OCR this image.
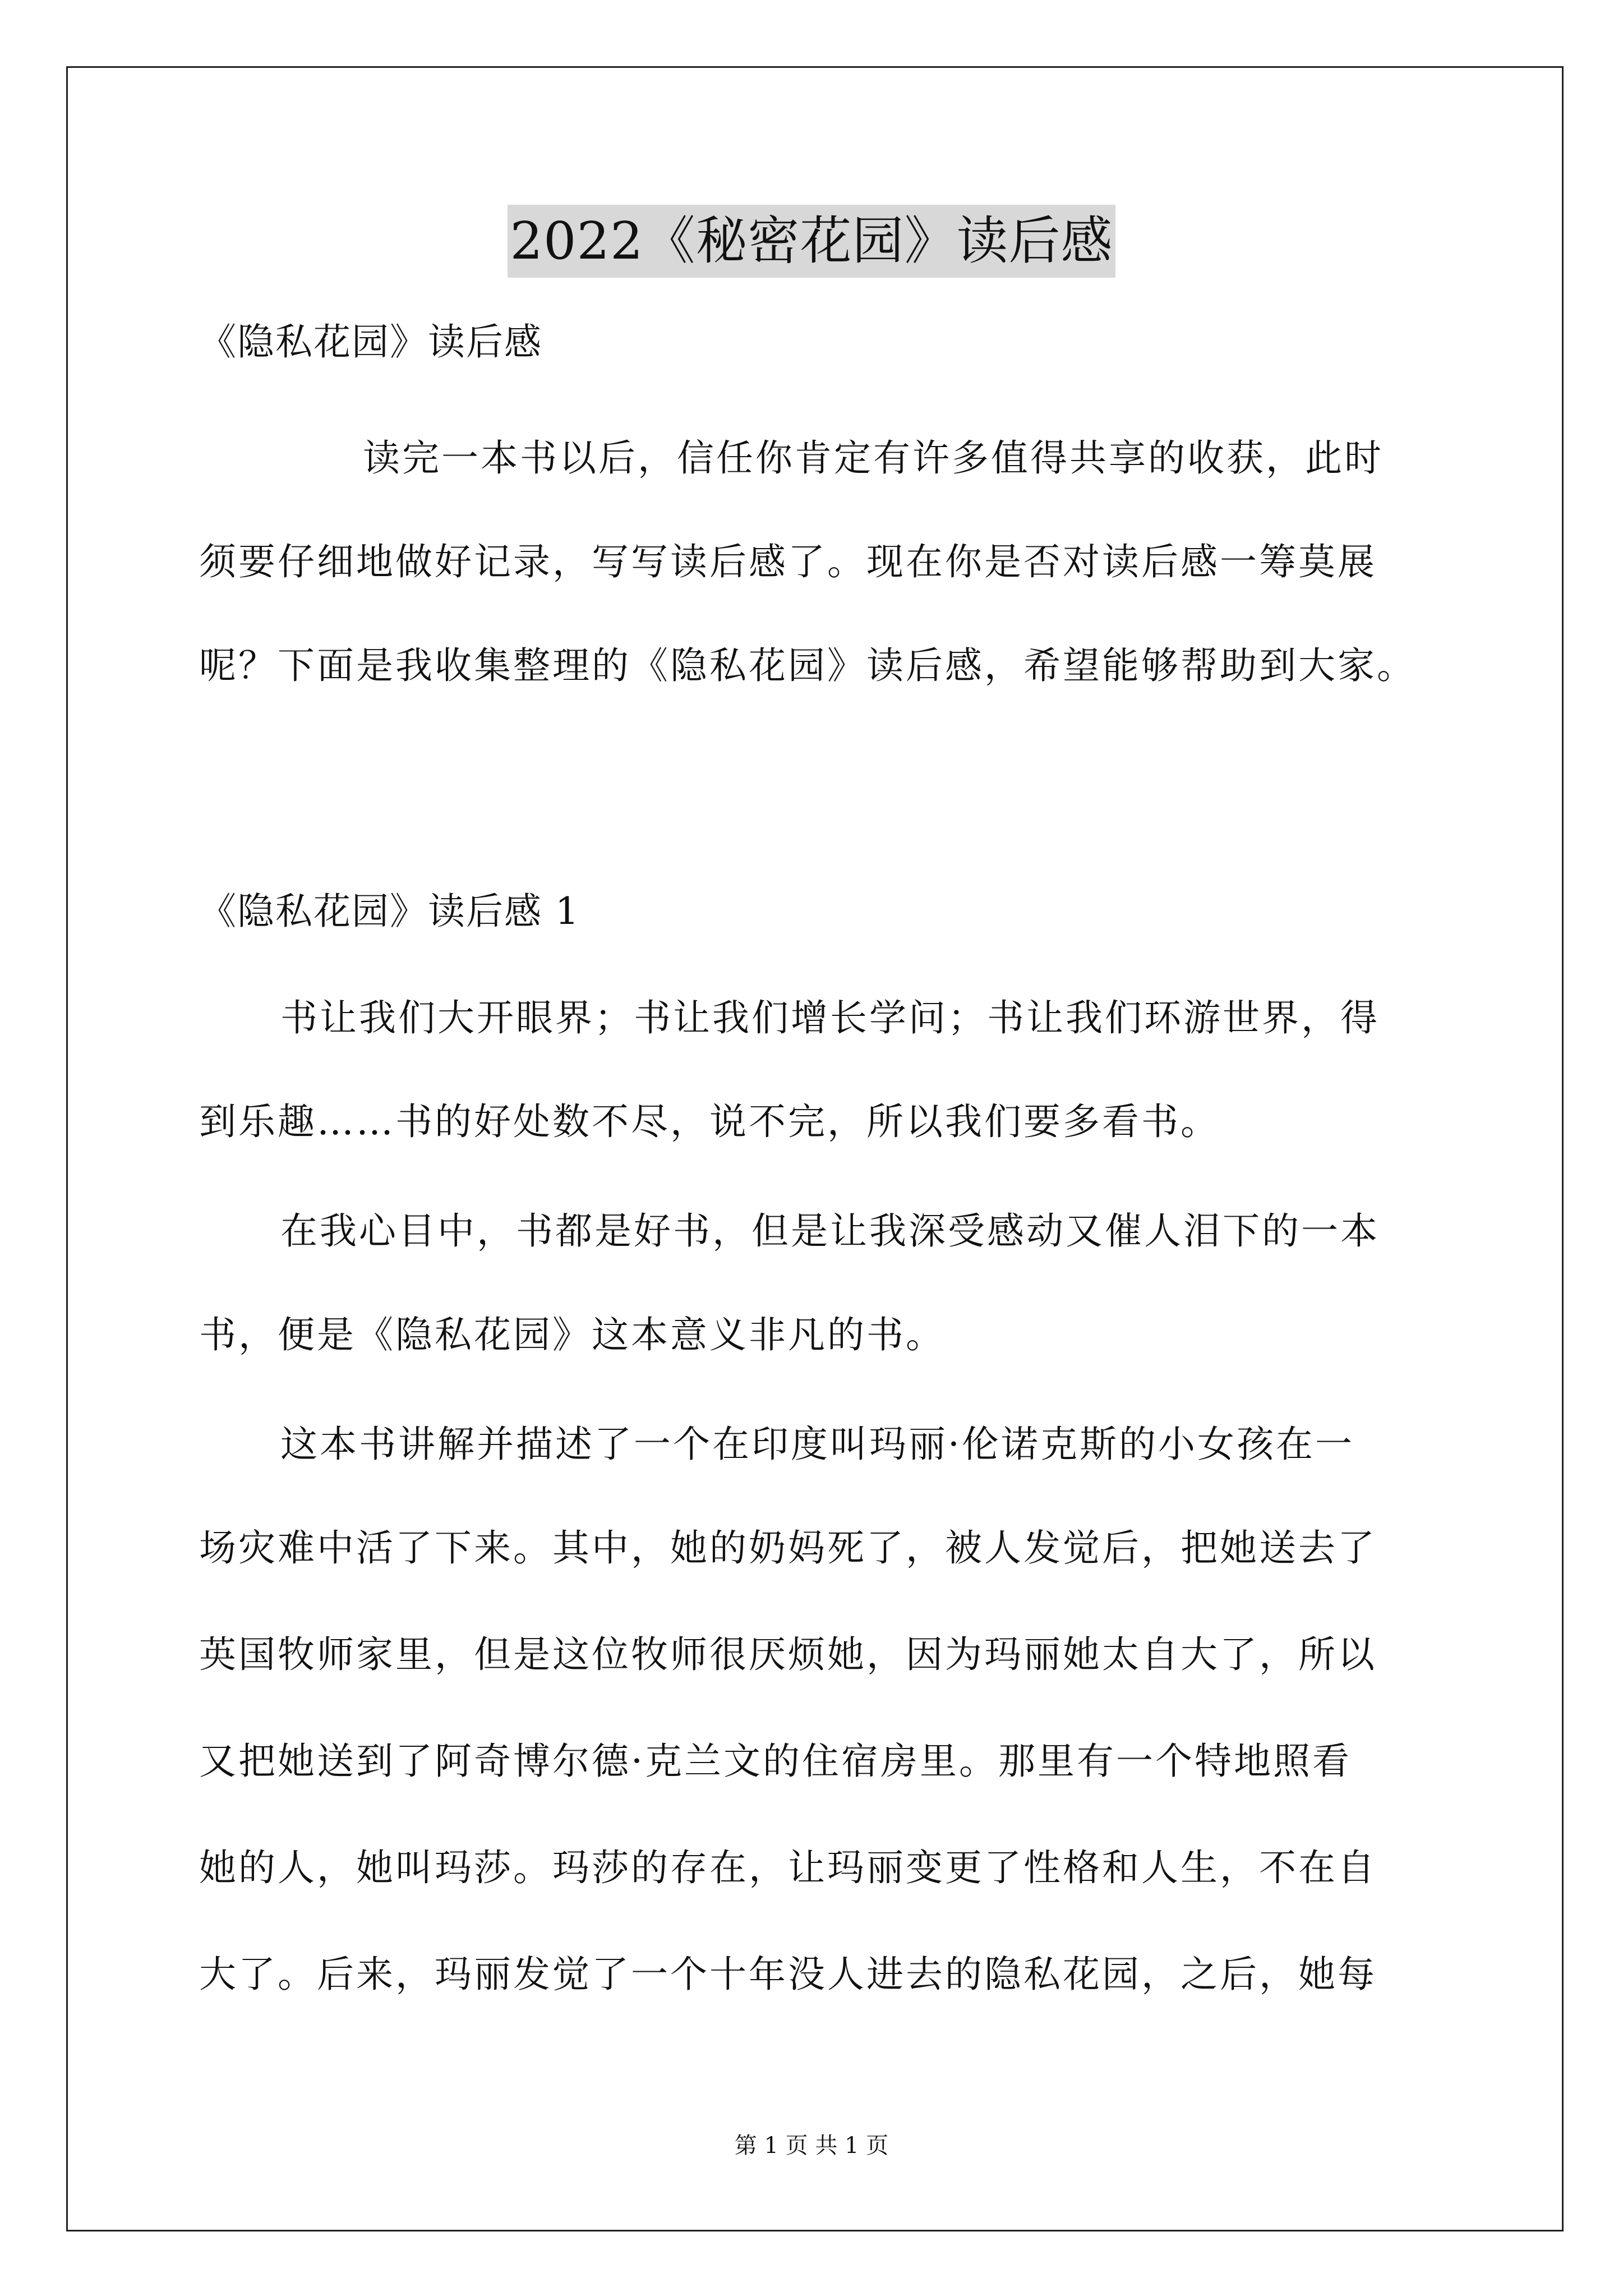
2022《秘密花园》读后感
《隐私花园》读后感
读完一本书以后，信任你肯定有许多值得共享的收获，此时
须要仔细地做好记录，写写读后感了。现在你是否对读后感一筹莫展
呢？下面是我收集整理的《隐私花园》读后感，希望能够帮助到大家。
《隐私花园》读后感 1
书让我们大开眼界；书让我们增长学问；书让我们环游世界，得
到乐趣……书的好处数不尽，说不完，所以我们要多看书。
在我心目中，书都是好书，但是让我深受感动又催人泪下的一本
书，便是《隐私花园》这本意义非凡的书。
这本书讲解并描述了一个在印度叫玛丽·伦诺克斯的小女孩在一
场灾难中活了下来。其中，她的奶妈死了，被人发觉后，把她送去了
英国牧师家里，但是这位牧师很厌烦她，因为玛丽她太自大了，所以
又把她送到了阿奇博尔德·克兰文的住宿房里。那里有一个特地照看
她的人，她叫玛莎。玛莎的存在，让玛丽变更了性格和人生，不在自
大了。后来，玛丽发觉了一个十年没人进去的隐私花园，之后，她每
第 1 页 共 1 页
